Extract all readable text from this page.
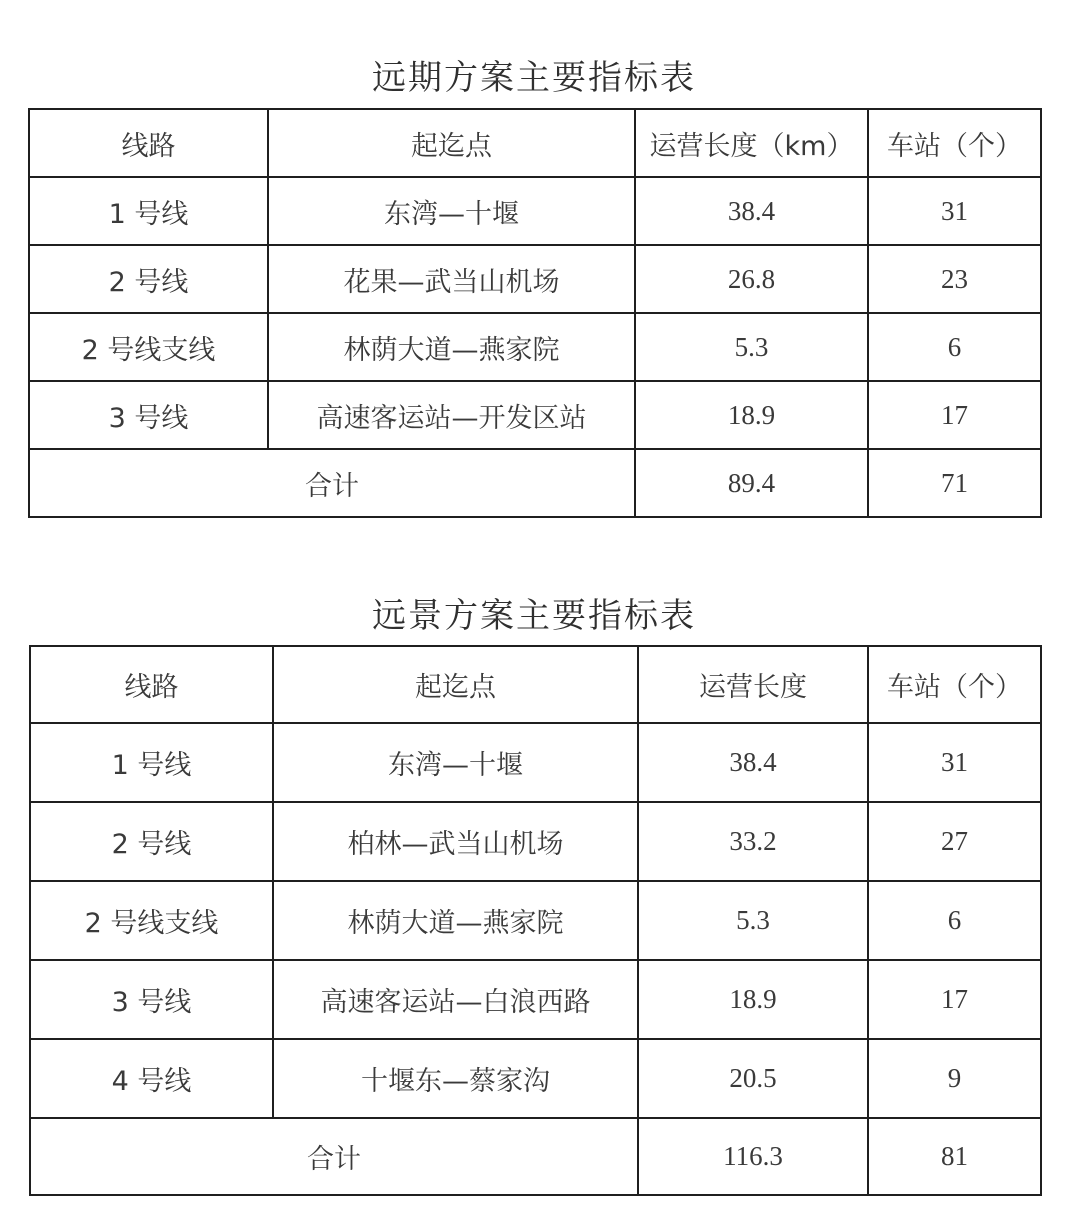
远期方案主要指标表
线路	起迄点	运营长度（km）	车站（个）
1 号线	东湾—十堰	38.4	31
2 号线	花果—武当山机场	26.8	23
2 号线支线	林荫大道—燕家院	5.3	6
3 号线	高速客运站—开发区站	18.9	17
合计		89.4	71
远景方案主要指标表
线路	起迄点	运营长度	车站（个）
1 号线	东湾—十堰	38.4	31
2 号线	柏林—武当山机场	33.2	27
2 号线支线	林荫大道—燕家院	5.3	6
3 号线	高速客运站—白浪西路	18.9	17
4 号线	十堰东—蔡家沟	20.5	9
合计		116.3	81
